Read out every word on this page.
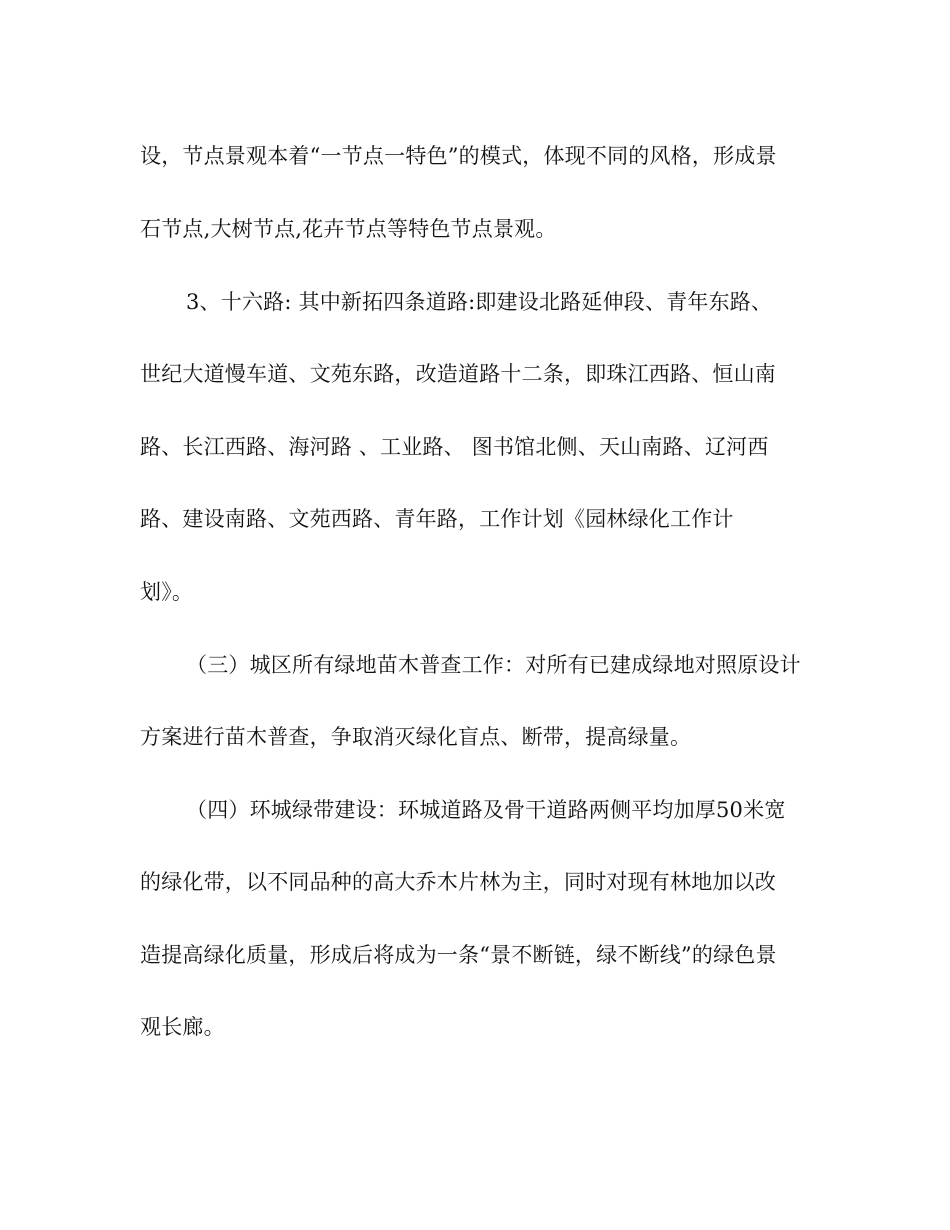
设，节点景观本着“一节点一特色”的模式，体现不同的风格，形成景
石节点,大树节点,花卉节点等特色节点景观。
3、十六路: 其中新拓四条道路:即建设北路延伸段、青年东路、
世纪大道慢车道、文苑东路，改造道路十二条，即珠江西路、恒山南
路、长江西路、海河路 、工业路、 图书馆北侧、天山南路、辽河西
路、建设南路、文苑西路、青年路，工作计划《园林绿化工作计
划》。
（三）城区所有绿地苗木普查工作：对所有已建成绿地对照原设计
方案进行苗木普查，争取消灭绿化盲点、断带，提高绿量。
（四）环城绿带建设：环城道路及骨干道路两侧平均加厚50米宽
的绿化带，以不同品种的高大乔木片林为主，同时对现有林地加以改
造提高绿化质量，形成后将成为一条“景不断链，绿不断线”的绿色景
观长廊。
